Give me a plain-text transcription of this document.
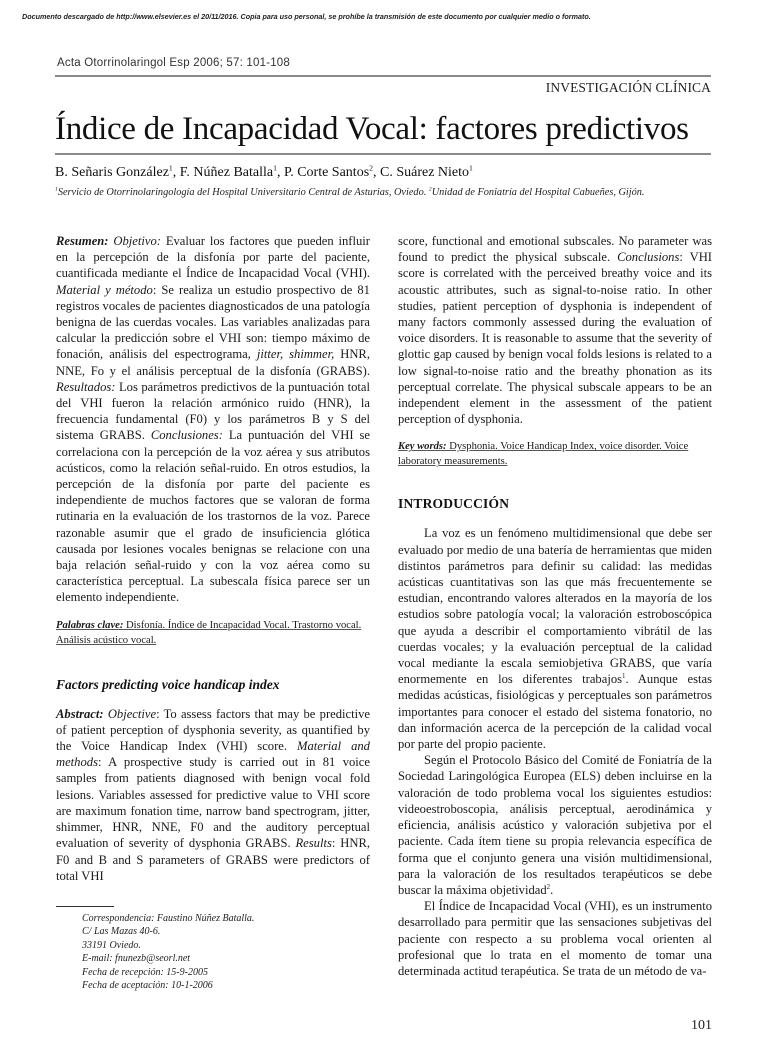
Documento descargado de http://www.elsevier.es el 20/11/2016. Copia para uso personal, se prohíbe la transmisión de este documento por cualquier medio o formato.
Acta Otorrinolaringol Esp 2006; 57: 101-108
INVESTIGACIÓN CLÍNICA
Índice de Incapacidad Vocal: factores predictivos
B. Señaris González$^1$, F. Núñez Batalla$^1$, P. Corte Santos$^2$, C. Suárez Nieto$^1$
$^1$Servicio de Otorrinolaringología del Hospital Universitario Central de Asturias, Oviedo. $^2$Unidad de Foniatría del Hospital Cabueñes, Gijón.

Resumen: Objetivo: Evaluar los factores que pueden influir en la percepción de la disfonía por parte del paciente, cuantificada mediante el Índice de Incapacidad Vocal (VHI). Material y método: Se realiza un estudio prospectivo de 81 registros vocales de pacientes diagnosticados de una patología benigna de las cuerdas vocales. Las variables analizadas para calcular la predicción sobre el VHI son: tiempo máximo de fonación, análisis del espectrograma, jitter, shimmer, HNR, NNE, Fo y el análisis perceptual de la disfonía (GRABS). Resultados: Los parámetros predictivos de la puntuación total del VHI fueron la relación armónico ruido (HNR), la frecuencia fundamental (F0) y los parámetros B y S del sistema GRABS. Conclusiones: La puntuación del VHI se correlaciona con la percepción de la voz aérea y sus atributos acústicos, como la relación señal-ruido. En otros estudios, la percepción de la disfonía por parte del paciente es independiente de muchos factores que se valoran de forma rutinaria en la evaluación de los trastornos de la voz. Parece razonable asumir que el grado de insuficiencia glótica causada por lesiones vocales benignas se relacione con una baja relación señal-ruido y con la voz aérea como su característica perceptual. La subescala física parece ser un elemento independiente.

Palabras clave: Disfonía. Índice de Incapacidad Vocal. Trastorno vocal. Análisis acústico vocal.

Factors predicting voice handicap index

Abstract: Objective: To assess factors that may be predictive of patient perception of dysphonia severity, as quantified by the Voice Handicap Index (VHI) score. Material and methods: A prospective study is carried out in 81 voice samples from patients diagnosed with benign vocal fold lesions. Variables assessed for predictive value to VHI score are maximum fonation time, narrow band spectrogram, jitter, shimmer, HNR, NNE, F0 and the auditory perceptual evaluation of severity of dysphonia GRABS. Results: HNR, F0 and B and S parameters of GRABS were predictors of total VHI

Correspondencia: Faustino Núñez Batalla.
C/ Las Mazas 40-6.
33191 Oviedo.
E-mail: fnunezb@seorl.net
Fecha de recepción: 15-9-2005
Fecha de aceptación: 10-1-2006

score, functional and emotional subscales. No parameter was found to predict the physical subscale. Conclusions: VHI score is correlated with the perceived breathy voice and its acoustic attributes, such as signal-to-noise ratio. In other studies, patient perception of dysphonia is independent of many factors commonly assessed during the evaluation of voice disorders. It is reasonable to assume that the severity of glottic gap caused by benign vocal folds lesions is related to a low signal-to-noise ratio and the breathy phonation as its perceptual correlate. The physical subscale appears to be an independent element in the assessment of the patient perception of dysphonia.

Key words: Dysphonia. Voice Handicap Index, voice disorder. Voice laboratory measurements.

INTRODUCCIÓN

La voz es un fenómeno multidimensional que debe ser evaluado por medio de una batería de herramientas que miden distintos parámetros para definir su calidad: las medidas acústicas cuantitativas son las que más frecuentemente se estudian, encontrando valores alterados en la mayoría de los estudios sobre patología vocal; la valoración estroboscópica que ayuda a describir el comportamiento vibrátil de las cuerdas vocales; y la evaluación perceptual de la calidad vocal mediante la escala semiobjetiva GRABS, que varía enormemente en los diferentes trabajos$^1$. Aunque estas medidas acústicas, fisiológicas y perceptuales son parámetros importantes para conocer el estado del sistema fonatorio, no dan información acerca de la percepción de la calidad vocal por parte del propio paciente.

Según el Protocolo Básico del Comité de Foniatría de la Sociedad Laringológica Europea (ELS) deben incluirse en la valoración de todo problema vocal los siguientes estudios: videoestroboscopia, análisis perceptual, aerodinámica y eficiencia, análisis acústico y valoración subjetiva por el paciente. Cada ítem tiene su propia relevancia específica de forma que el conjunto genera una visión multidimensional, para la valoración de los resultados terapéuticos se debe buscar la máxima objetividad$^2$.

El Índice de Incapacidad Vocal (VHI), es un instrumento desarrollado para permitir que las sensaciones subjetivas del paciente con respecto a su problema vocal orienten al profesional que lo trata en el momento de tomar una determinada actitud terapéutica. Se trata de un método de va-

101
